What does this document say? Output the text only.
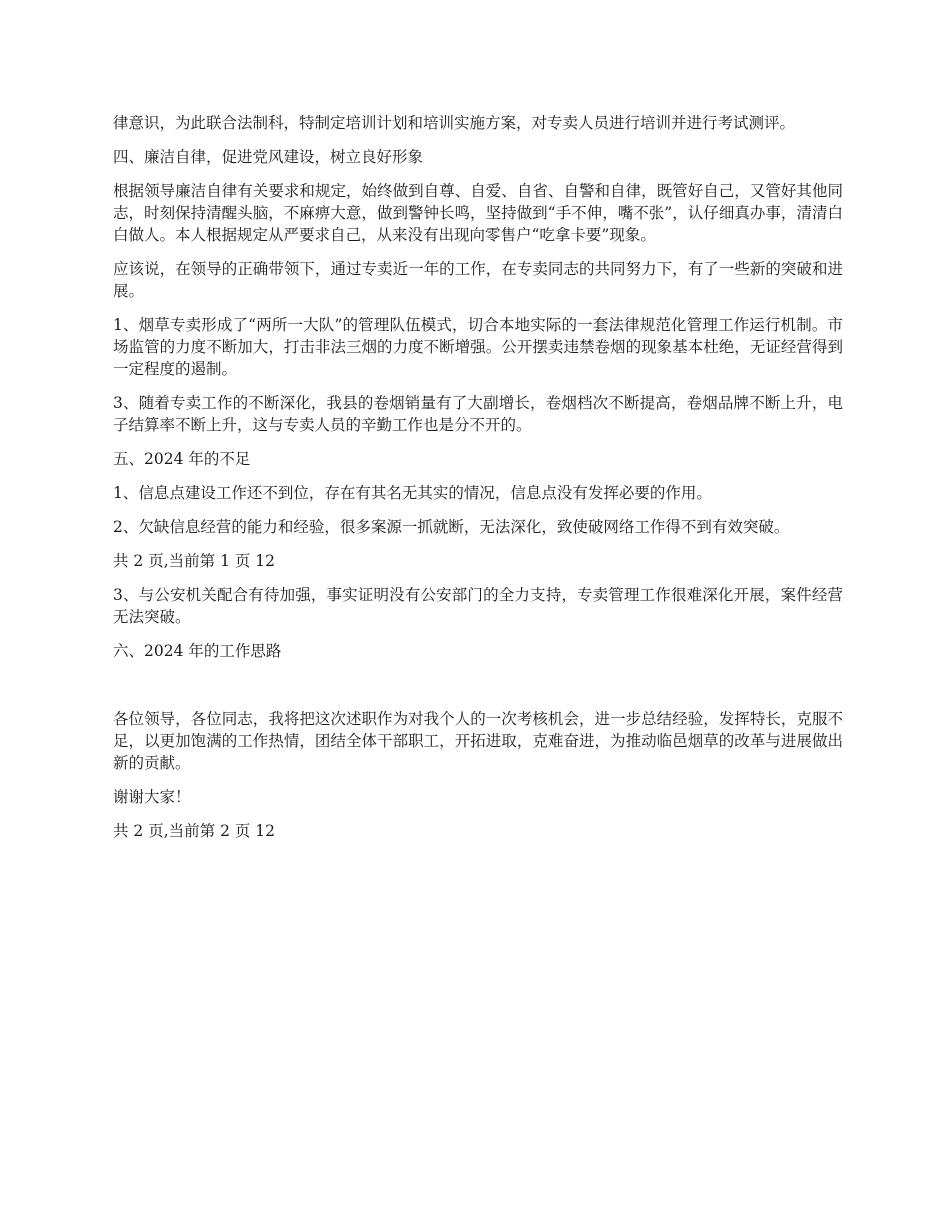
律意识，为此联合法制科，特制定培训计划和培训实施方案，对专卖人员进行培训并进行考试测评。

四、廉洁自律，促进党风建设，树立良好形象

根据领导廉洁自律有关要求和规定，始终做到自尊、自爱、自省、自警和自律，既管好自己，又管好其他同志，时刻保持清醒头脑，不麻痹大意，做到警钟长鸣，坚持做到“手不伸，嘴不张”，认仔细真办事，清清白白做人。本人根据规定从严要求自己，从来没有出现向零售户“吃拿卡要”现象。

应该说，在领导的正确带领下，通过专卖近一年的工作，在专卖同志的共同努力下，有了一些新的突破和进展。

1、烟草专卖形成了“两所一大队”的管理队伍模式，切合本地实际的一套法律规范化管理工作运行机制。市场监管的力度不断加大，打击非法三烟的力度不断增强。公开摆卖违禁卷烟的现象基本杜绝，无证经营得到一定程度的遏制。

3、随着专卖工作的不断深化，我县的卷烟销量有了大副增长，卷烟档次不断提高，卷烟品牌不断上升，电子结算率不断上升，这与专卖人员的辛勤工作也是分不开的。

五、2024 年的不足

1、信息点建设工作还不到位，存在有其名无其实的情况，信息点没有发挥必要的作用。

2、欠缺信息经营的能力和经验，很多案源一抓就断，无法深化，致使破网络工作得不到有效突破。

共 2 页,当前第 1 页 12

3、与公安机关配合有待加强，事实证明没有公安部门的全力支持，专卖管理工作很难深化开展，案件经营无法突破。

六、2024 年的工作思路

各位领导，各位同志，我将把这次述职作为对我个人的一次考核机会，进一步总结经验，发挥特长，克服不足，以更加饱满的工作热情，团结全体干部职工，开拓进取，克难奋进，为推动临邑烟草的改革与进展做出新的贡献。

谢谢大家！

共 2 页,当前第 2 页 12
